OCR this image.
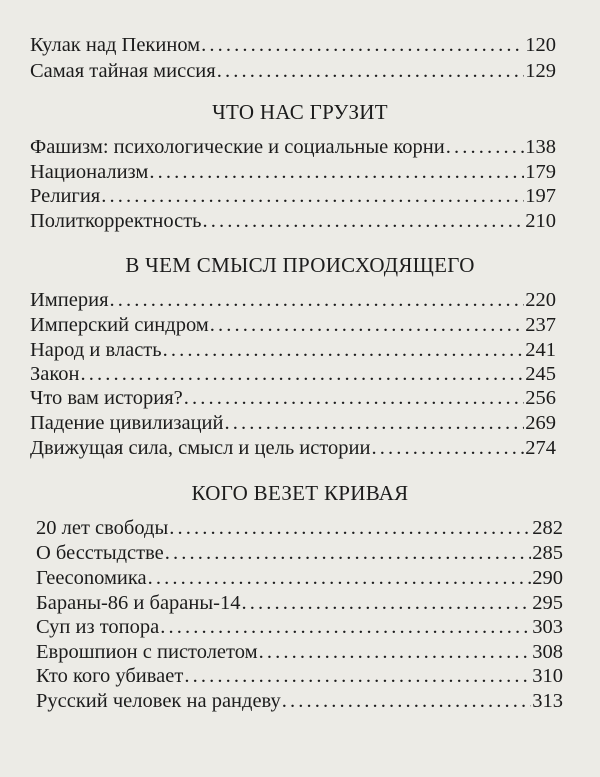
Кулак над Пекином . . .	120
Самая тайная миссия . . .	129
ЧТО НАС ГРУЗИТ
Фашизм: психологические и социальные корни . . .	138
Национализм . . .	179
Религия . . .	197
Политкорректность . . .	210
В ЧЕМ СМЫСЛ ПРОИСХОДЯЩЕГО
Империя . . .	220
Имперский синдром . . .	237
Народ и власть . . .	241
Закон . . .	245
Что вам история? . . .	256
Падение цивилизаций . . .	269
Движущая сила, смысл и цель истории . . .	274
КОГО ВЕЗЕТ КРИВАЯ
20 лет свободы . . .	282
О бесстыдстве . . .	285
Геeconомика . . .	290
Бараны-86 и бараны-14 . . .	295
Суп из топора . . .	303
Еврошпион с пистолетом . . .	308
Кто кого убивает . . .	310
Русский человек на рандеву . . .	313
